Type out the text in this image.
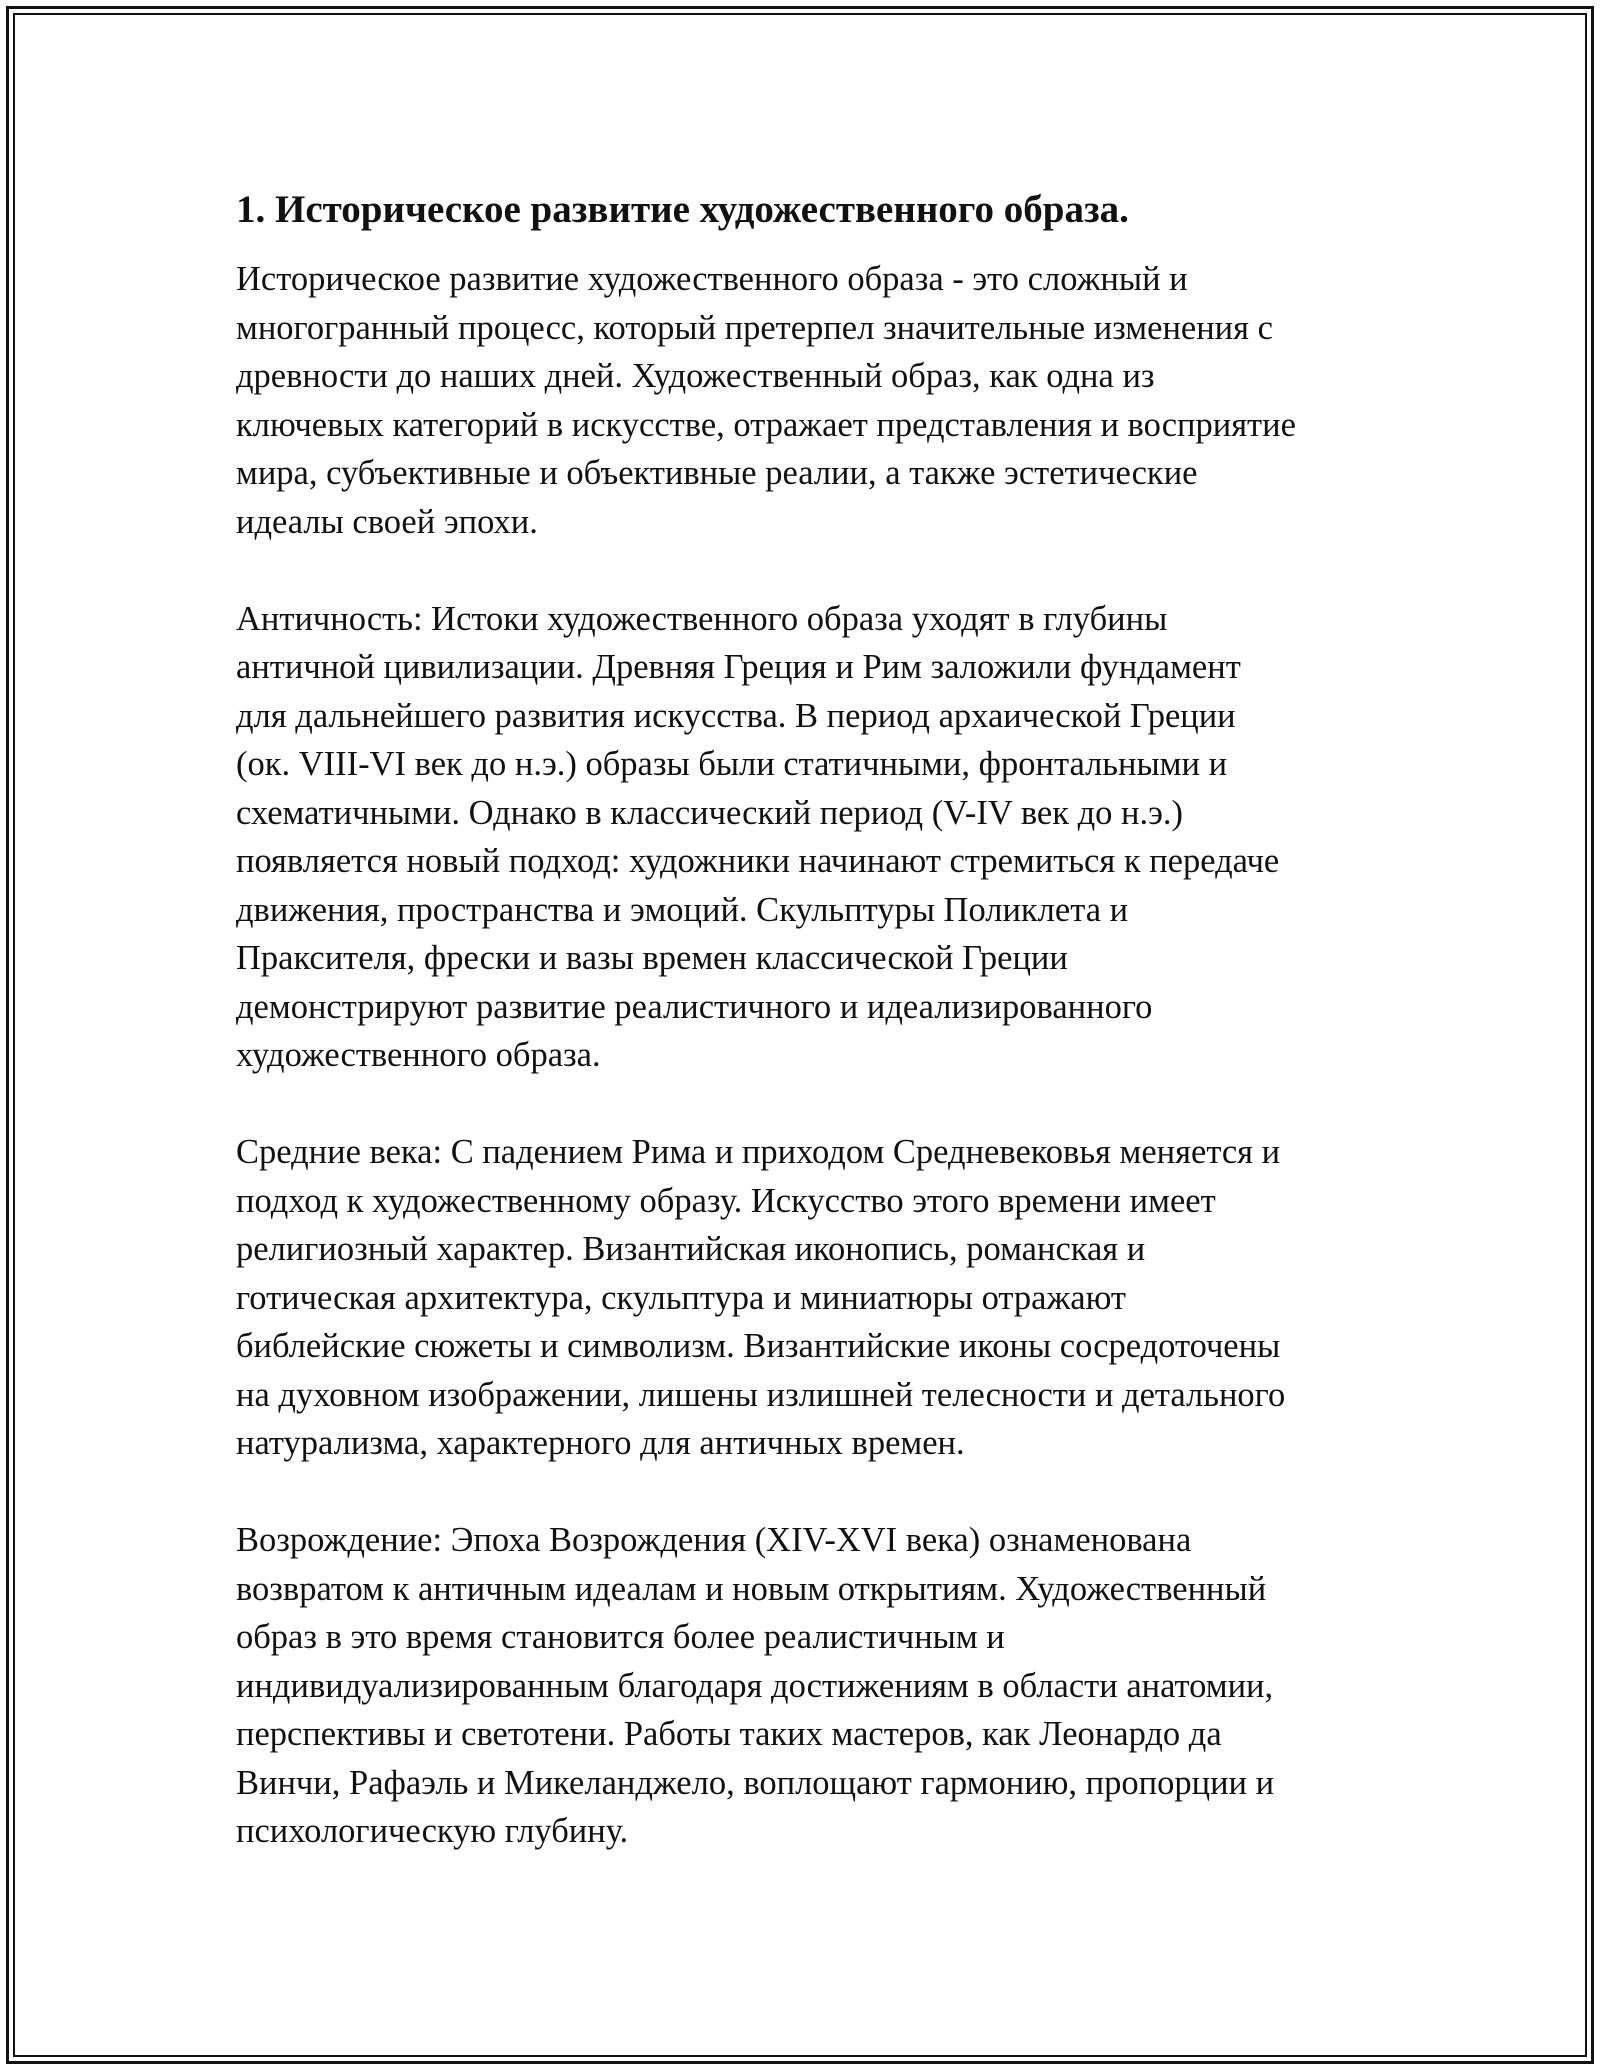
1. Историческое развитие художественного образа.
Историческое развитие художественного образа - это сложный и
многогранный процесс, который претерпел значительные изменения с
древности до наших дней. Художественный образ, как одна из
ключевых категорий в искусстве, отражает представления и восприятие
мира, субъективные и объективные реалии, а также эстетические
идеалы своей эпохи.
Античность: Истоки художественного образа уходят в глубины
античной цивилизации. Древняя Греция и Рим заложили фундамент
для дальнейшего развития искусства. В период архаической Греции
(ок. VIII-VI век до н.э.) образы были статичными, фронтальными и
схематичными. Однако в классический период (V-IV век до н.э.)
появляется новый подход: художники начинают стремиться к передаче
движения, пространства и эмоций. Скульптуры Поликлета и
Праксителя, фрески и вазы времен классической Греции
демонстрируют развитие реалистичного и идеализированного
художественного образа.
Средние века: С падением Рима и приходом Средневековья меняется и
подход к художественному образу. Искусство этого времени имеет
религиозный характер. Византийская иконопись, романская и
готическая архитектура, скульптура и миниатюры отражают
библейские сюжеты и символизм. Византийские иконы сосредоточены
на духовном изображении, лишены излишней телесности и детального
натурализма, характерного для античных времен.
Возрождение: Эпоха Возрождения (XIV-XVI века) ознаменована
возвратом к античным идеалам и новым открытиям. Художественный
образ в это время становится более реалистичным и
индивидуализированным благодаря достижениям в области анатомии,
перспективы и светотени. Работы таких мастеров, как Леонардо да
Винчи, Рафаэль и Микеланджело, воплощают гармонию, пропорции и
психологическую глубину.
